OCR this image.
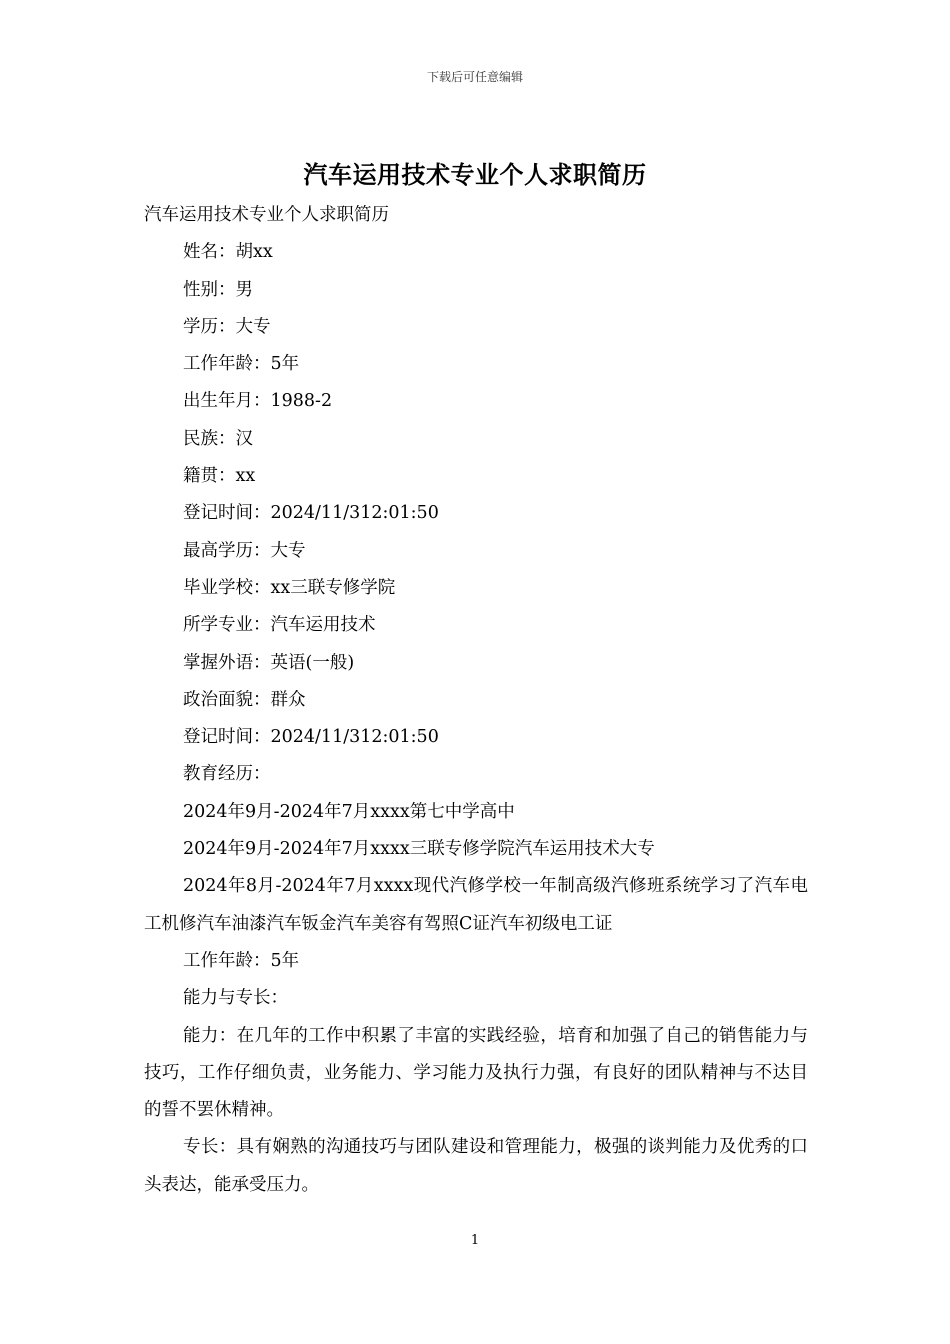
下载后可任意编辑
汽车运用技术专业个人求职简历
汽车运用技术专业个人求职简历
姓名：胡xx
性别：男
学历：大专
工作年龄：5年
出生年月：1988-2
民族：汉
籍贯：xx
登记时间：2024/11/312:01:50
最高学历：大专
毕业学校：xx三联专修学院
所学专业：汽车运用技术
掌握外语：英语(一般)
政治面貌：群众
登记时间：2024/11/312:01:50
教育经历：
2024年9月-2024年7月xxxx第七中学高中
2024年9月-2024年7月xxxx三联专修学院汽车运用技术大专
2024年8月-2024年7月xxxx现代汽修学校一年制高级汽修班系统学习了汽车电工机修汽车油漆汽车钣金汽车美容有驾照C证汽车初级电工证
工作年龄：5年
能力与专长：
能力：在几年的工作中积累了丰富的实践经验，培育和加强了自己的销售能力与技巧，工作仔细负责，业务能力、学习能力及执行力强，有良好的团队精神与不达目的誓不罢休精神。
专长：具有娴熟的沟通技巧与团队建设和管理能力，极强的谈判能力及优秀的口头表达，能承受压力。
1
